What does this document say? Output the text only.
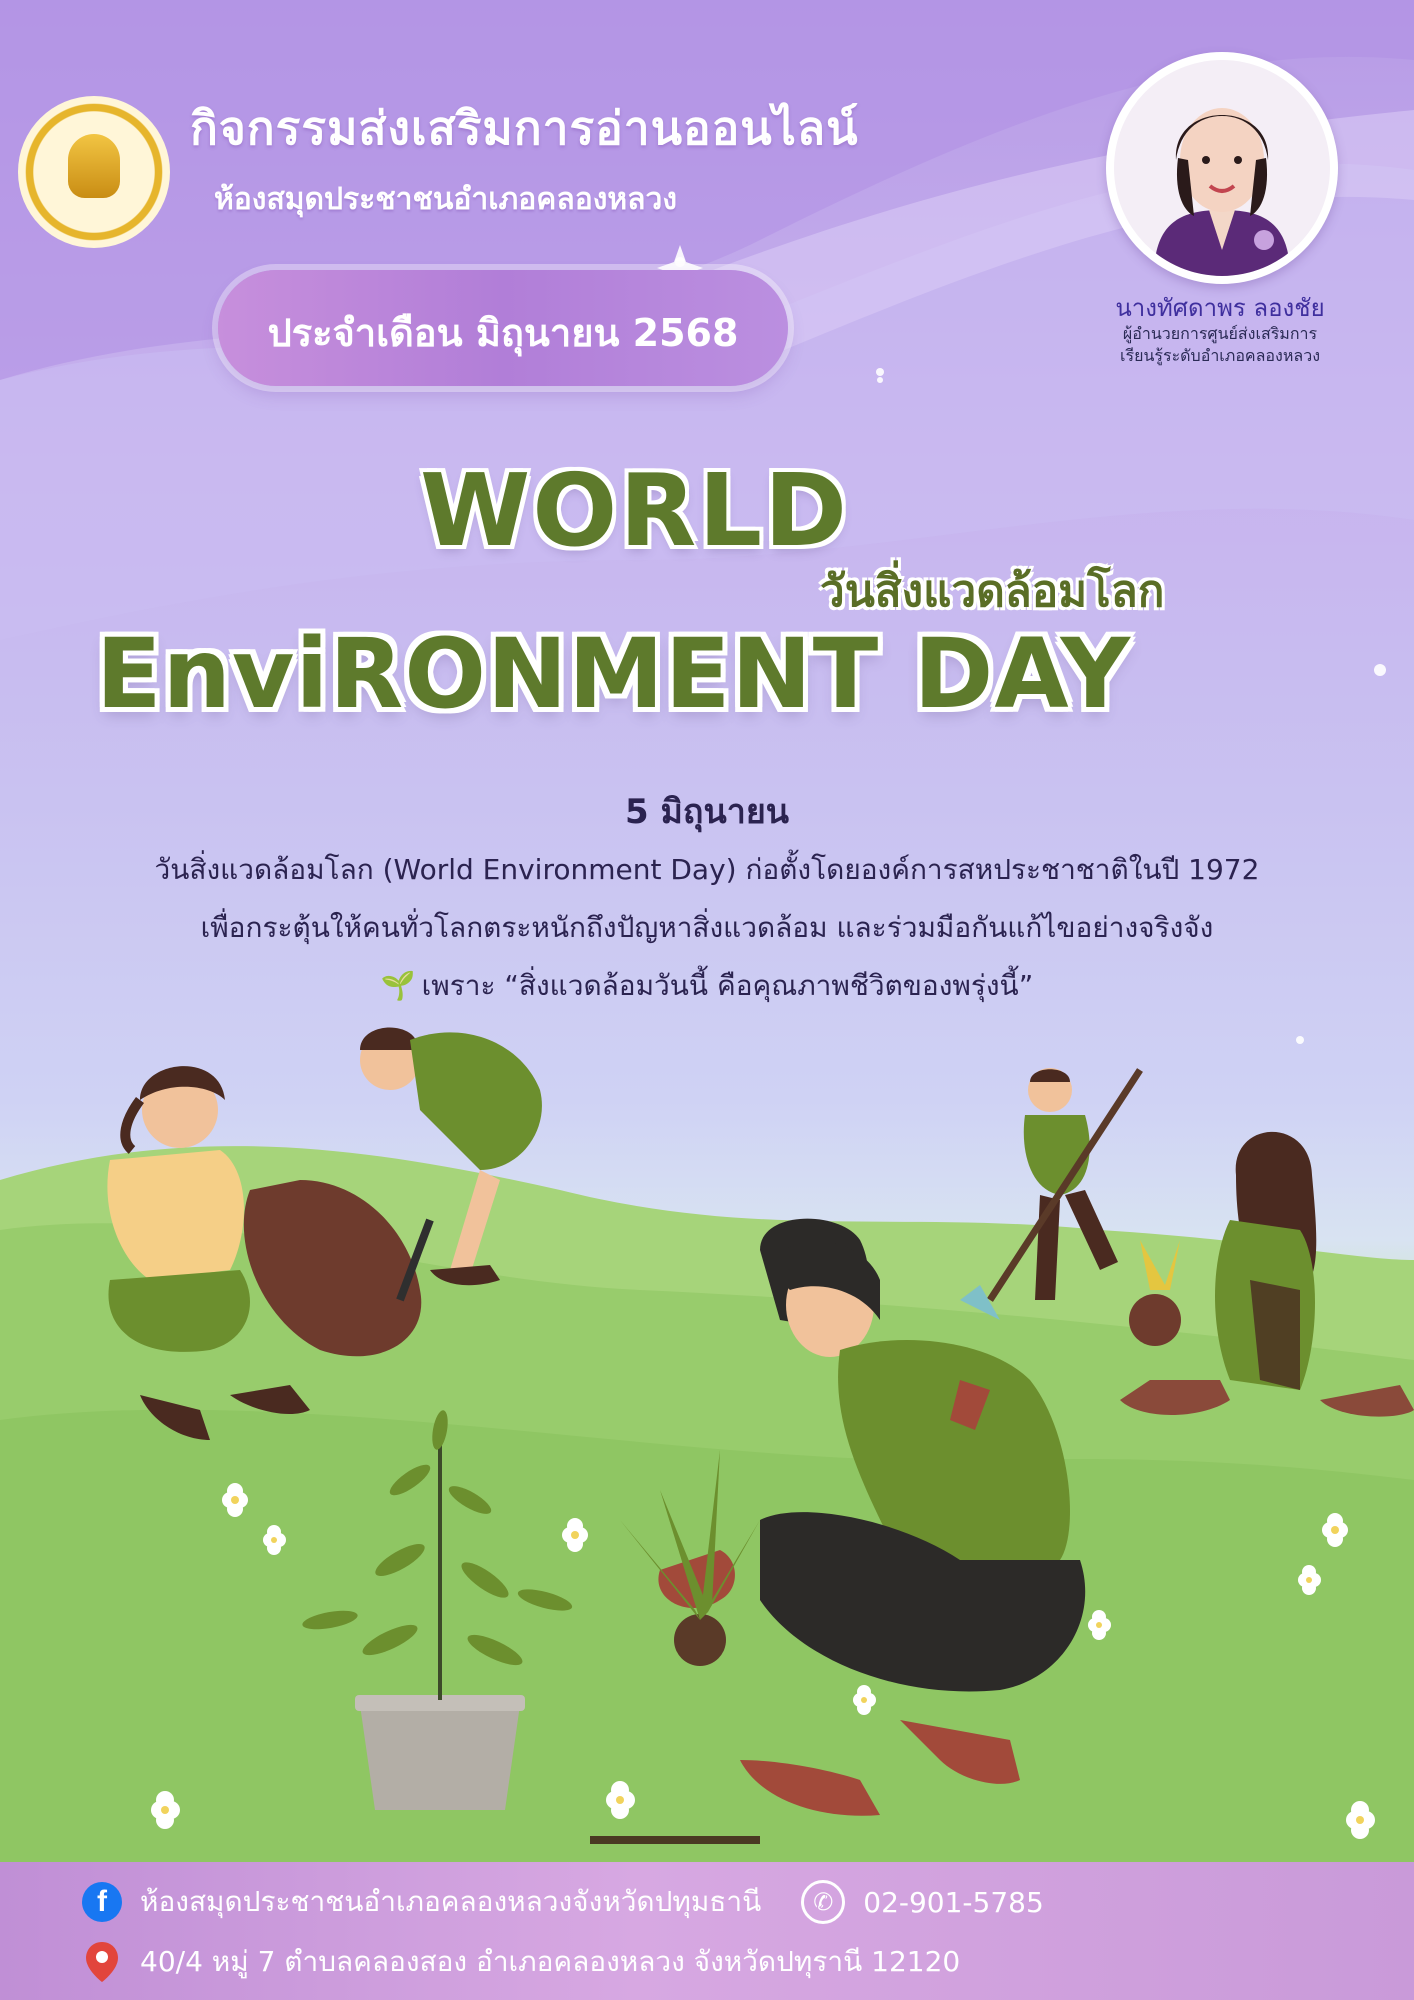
กิจกรรมส่งเสริมการอ่านออนไลน์
ห้องสมุดประชาชนอำเภอคลองหลวง
ประจำเดือน มิถุนายน 2568
นางทัศดาพร ลองชัย
ผู้อำนวยการศูนย์ส่งเสริมการ
เรียนรู้ระดับอำเภอคลองหลวง
WORLD
วันสิ่งแวดล้อมโลก
EnviRONMENT DAY
5 มิถุนายน
วันสิ่งแวดล้อมโลก (World Environment Day) ก่อตั้งโดยองค์การสหประชาชาติในปี 1972
เพื่อกระตุ้นให้คนทั่วโลกตระหนักถึงปัญหาสิ่งแวดล้อม และร่วมมือกันแก้ไขอย่างจริงจัง
🌱 เพราะ “สิ่งแวดล้อมวันนี้ คือคุณภาพชีวิตของพรุ่งนี้”
f	ห้องสมุดประชาชนอำเภอคลองหลวงจังหวัดปทุมธานี	✆	02-901-5785
40/4 หมู่ 7 ตำบลคลองสอง อำเภอคลองหลวง จังหวัดปทุรานี 12120
